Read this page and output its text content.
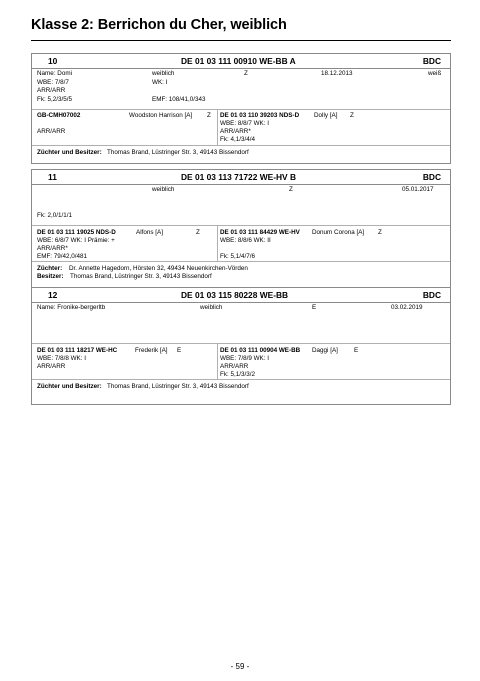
Klasse 2: Berrichon du Cher, weiblich
10	DE 01 03 111 00910 WE-BB A	BDC
Name: Domi	weiblich	Z	18.12.2013	weiß
WBE: 7/8/7	WK: I
ARR/ARR
Fk: 5,2/3/5/5	EMF: 108/41,0/343
GB-CMH07002	Woodston Harrison [A] Z
ARR/ARR
DE 01 03 110 39203 NDS-D Dolly [A] Z
WBE: 8/8/7 WK: I
ARR/ARR*
Fk: 4,1/3/4/4
Züchter und Besitzer: Thomas Brand, Lüstringer Str. 3, 49143 Bissendorf
11	DE 01 03 113 71722 WE-HV B	BDC
weiblich	Z	05.01.2017
Fk: 2,0/1/1/1
DE 01 03 111 19025 NDS-D	Alfons [A]	Z
WBE: 6/8/7 WK: I Prämie: +
ARR/ARR*
EMF: 79/42,0/481
DE 01 03 111 84429 WE-HV Donum Corona [A] Z
WBE: 8/8/6 WK: II
Fk: 5,1/4/7/6
Züchter: Dr. Annette Hagedorn, Hörsten 32, 49434 Neuenkirchen-Vörden
Besitzer: Thomas Brand, Lüstringer Str. 3, 49143 Bissendorf
12	DE 01 03 115 80228 WE-BB	BDC
Name: Fronike-bergerltb	weiblich	E	03.02.2019
DE 01 03 111 18217 WE-HC	Frederik [A] E
WBE: 7/8/8 WK: I
ARR/ARR
DE 01 03 111 00904 WE-BB Daggi [A]	E
WBE: 7/8/9 WK: I
ARR/ARR
Fk: 5,1/3/3/2
Züchter und Besitzer: Thomas Brand, Lüstringer Str. 3, 49143 Bissendorf
- 59 -
